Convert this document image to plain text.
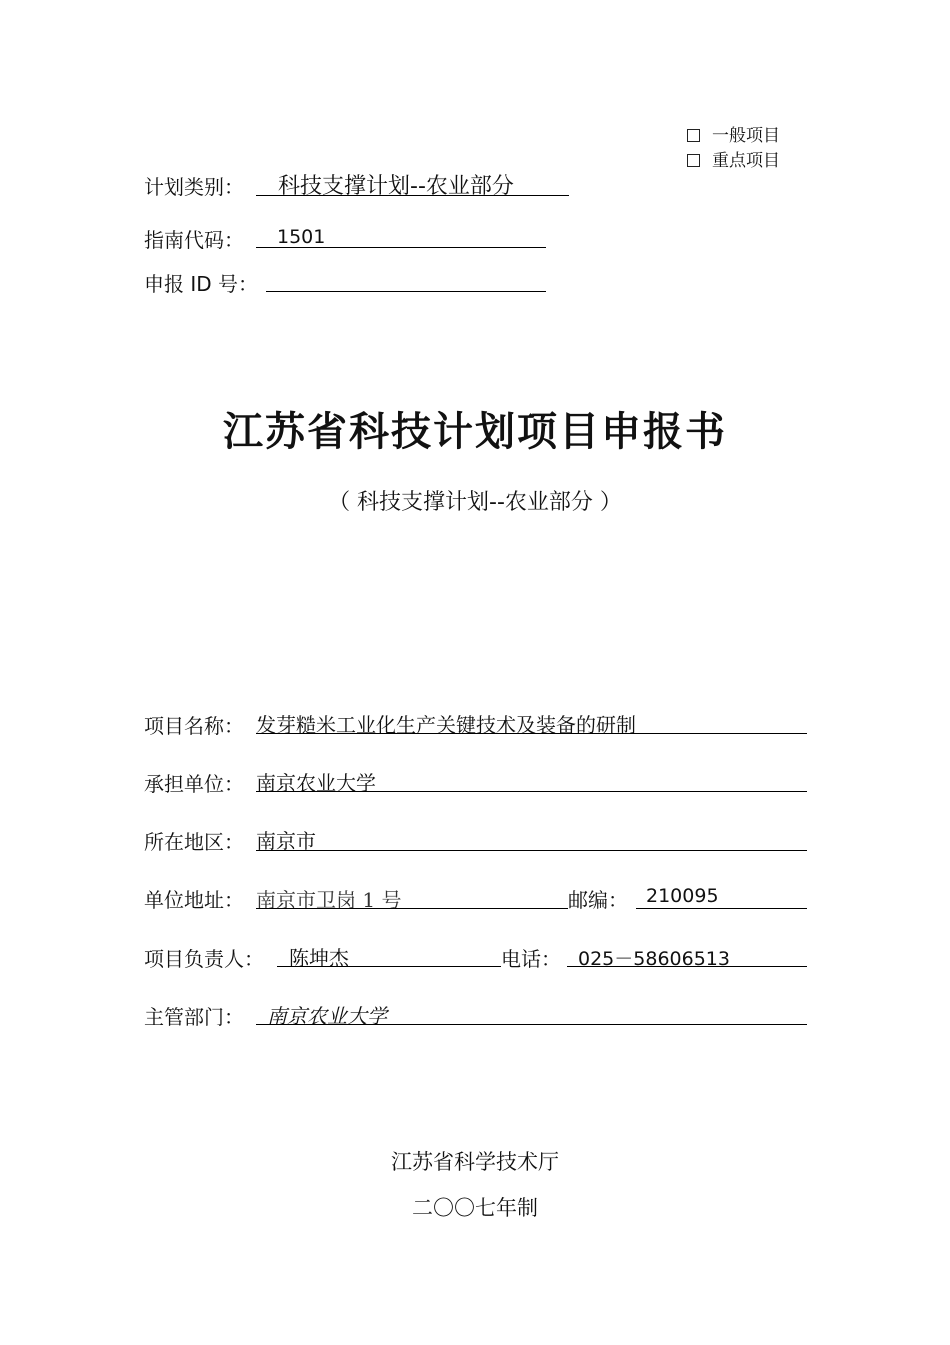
一般项目
重点项目
计划类别： 科技支撑计划--农业部分
指南代码： 1501
申报 ID 号：
江苏省科技计划项目申报书
（ 科技支撑计划--农业部分 ）
项目名称： 发芽糙米工业化生产关键技术及装备的研制
承担单位： 南京农业大学
所在地区： 南京市
单位地址： 南京市卫岗 1 号	邮编： 210095
项目负责人： 陈坤杰	电话： 025－58606513
主管部门： 南京农业大学
江苏省科学技术厅
二〇〇七年制
